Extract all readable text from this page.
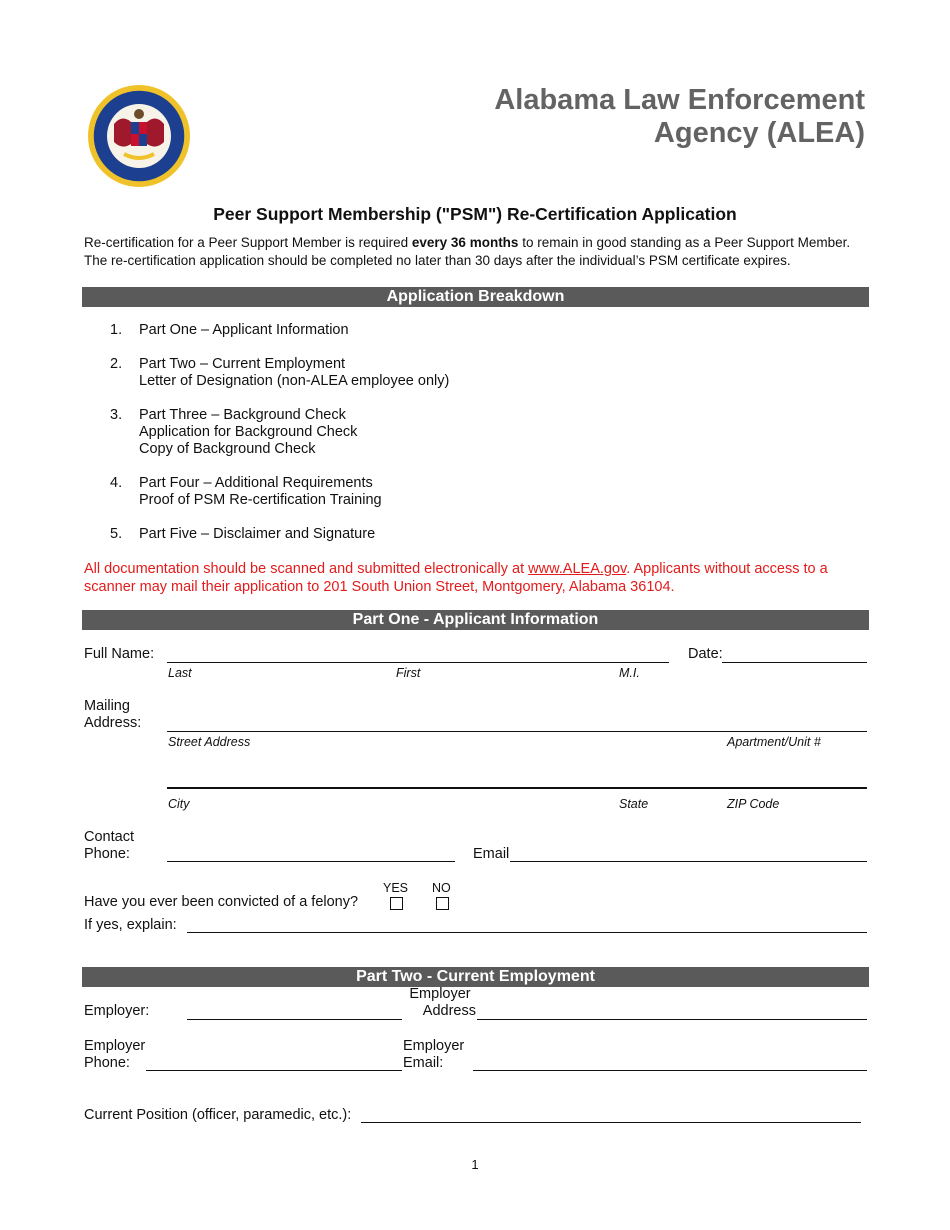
Alabama Law Enforcement
Agency (ALEA)
Peer Support Membership ("PSM") Re-Certification Application
Re-certification for a Peer Support Member is required every 36 months to remain in good standing as a Peer Support Member. The re-certification application should be completed no later than 30 days after the individual’s PSM certificate expires.
Application Breakdown
1.	Part One – Applicant Information
2.	Part Two – Current Employment
Letter of Designation (non-ALEA employee only)
3.	Part Three – Background Check
Application for Background Check
Copy of Background Check
4.	Part Four – Additional Requirements
Proof of PSM Re-certification Training
5.	Part Five – Disclaimer and Signature
All documentation should be scanned and submitted electronically at www.ALEA.gov. Applicants without access to a scanner may mail their application to 201 South Union Street, Montgomery, Alabama 36104.
Part One - Applicant Information
Full Name:	Date:
Last	First	M.I.
Mailing
Address:
Street Address	Apartment/Unit #
City	State	ZIP Code
Contact
Phone:	Email
YES NO
Have you ever been convicted of a felony?
If yes, explain:
Part Two - Current Employment
Employer:
Employer
Address
Employer
Phone:
Employer
Email:
Current Position (officer, paramedic, etc.):
1
